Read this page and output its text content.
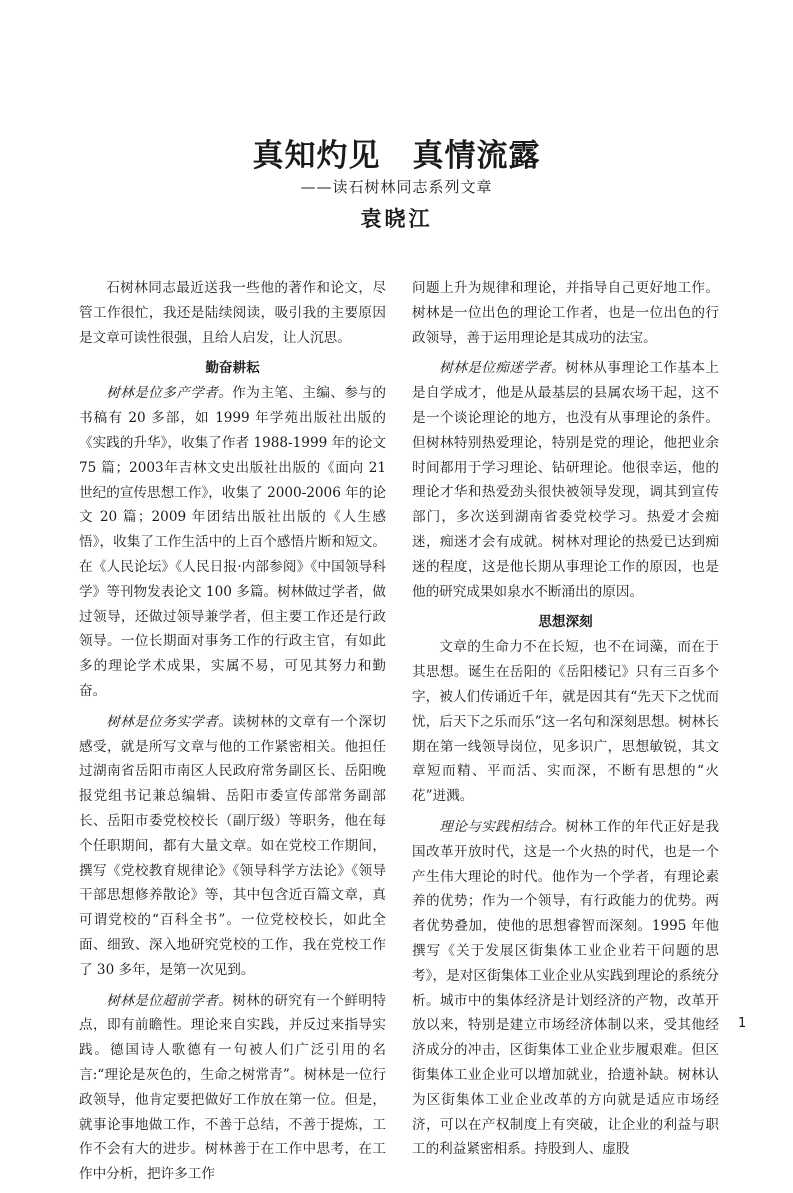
真知灼见　真情流露
——读石树林同志系列文章
袁晓江

石树林同志最近送我一些他的著作和论文，尽管工作很忙，我还是陆续阅读，吸引我的主要原因是文章可读性很强，且给人启发，让人沉思。

勤奋耕耘

树林是位多产学者。作为主笔、主编、参与的书稿有 20 多部，如 1999 年学苑出版社出版的《实践的升华》，收集了作者 1988-1999 年的论文 75 篇；2003年吉林文史出版社出版的《面向 21 世纪的宣传思想工作》，收集了 2000-2006 年的论文 20 篇；2009 年团结出版社出版的《人生感悟》，收集了工作生活中的上百个感悟片断和短文。在《人民论坛》《人民日报·内部参阅》《中国领导科学》等刊物发表论文 100 多篇。树林做过学者，做过领导，还做过领导兼学者，但主要工作还是行政领导。一位长期面对事务工作的行政主官，有如此多的理论学术成果，实属不易，可见其努力和勤奋。

树林是位务实学者。读树林的文章有一个深切感受，就是所写文章与他的工作紧密相关。他担任过湖南省岳阳市南区人民政府常务副区长、岳阳晚报党组书记兼总编辑、岳阳市委宣传部常务副部长、岳阳市委党校校长（副厅级）等职务，他在每个任职期间，都有大量文章。如在党校工作期间，撰写《党校教育规律论》《领导科学方法论》《领导干部思想修养散论》等，其中包含近百篇文章，真可谓党校的“百科全书”。一位党校校长，如此全面、细致、深入地研究党校的工作，我在党校工作了 30 多年，是第一次见到。

树林是位超前学者。树林的研究有一个鲜明特点，即有前瞻性。理论来自实践，并反过来指导实践。德国诗人歌德有一句被人们广泛引用的名言:“理论是灰色的，生命之树常青”。树林是一位行政领导，他肯定要把做好工作放在第一位。但是，就事论事地做工作，不善于总结，不善于提炼，工作不会有大的进步。树林善于在工作中思考，在工作中分析，把许多工作

问题上升为规律和理论，并指导自己更好地工作。树林是一位出色的理论工作者，也是一位出色的行政领导，善于运用理论是其成功的法宝。

树林是位痴迷学者。树林从事理论工作基本上是自学成才，他是从最基层的县属农场干起，这不是一个谈论理论的地方，也没有从事理论的条件。但树林特别热爱理论，特别是党的理论，他把业余时间都用于学习理论、钻研理论。他很幸运，他的理论才华和热爱劲头很快被领导发现，调其到宣传部门，多次送到湖南省委党校学习。热爱才会痴迷，痴迷才会有成就。树林对理论的热爱已达到痴迷的程度，这是他长期从事理论工作的原因，也是他的研究成果如泉水不断涌出的原因。

思想深刻

文章的生命力不在长短，也不在词藻，而在于其思想。诞生在岳阳的《岳阳楼记》只有三百多个字，被人们传诵近千年，就是因其有“先天下之忧而忧，后天下之乐而乐”这一名句和深刻思想。树林长期在第一线领导岗位，见多识广，思想敏锐，其文章短而精、平而活、实而深，不断有思想的“火花”迸溅。

理论与实践相结合。树林工作的年代正好是我国改革开放时代，这是一个火热的时代，也是一个产生伟大理论的时代。他作为一个学者，有理论素养的优势；作为一个领导，有行政能力的优势。两者优势叠加，使他的思想睿智而深刻。1995 年他撰写《关于发展区街集体工业企业若干问题的思考》，是对区街集体工业企业从实践到理论的系统分析。城市中的集体经济是计划经济的产物，改革开放以来，特别是建立市场经济体制以来，受其他经济成分的冲击，区街集体工业企业步履艰难。但区街集体工业企业可以增加就业，拾遗补缺。树林认为区街集体工业企业改革的方向就是适应市场经济，可以在产权制度上有突破，让企业的利益与职工的利益紧密相系。持股到人、虚股

1
